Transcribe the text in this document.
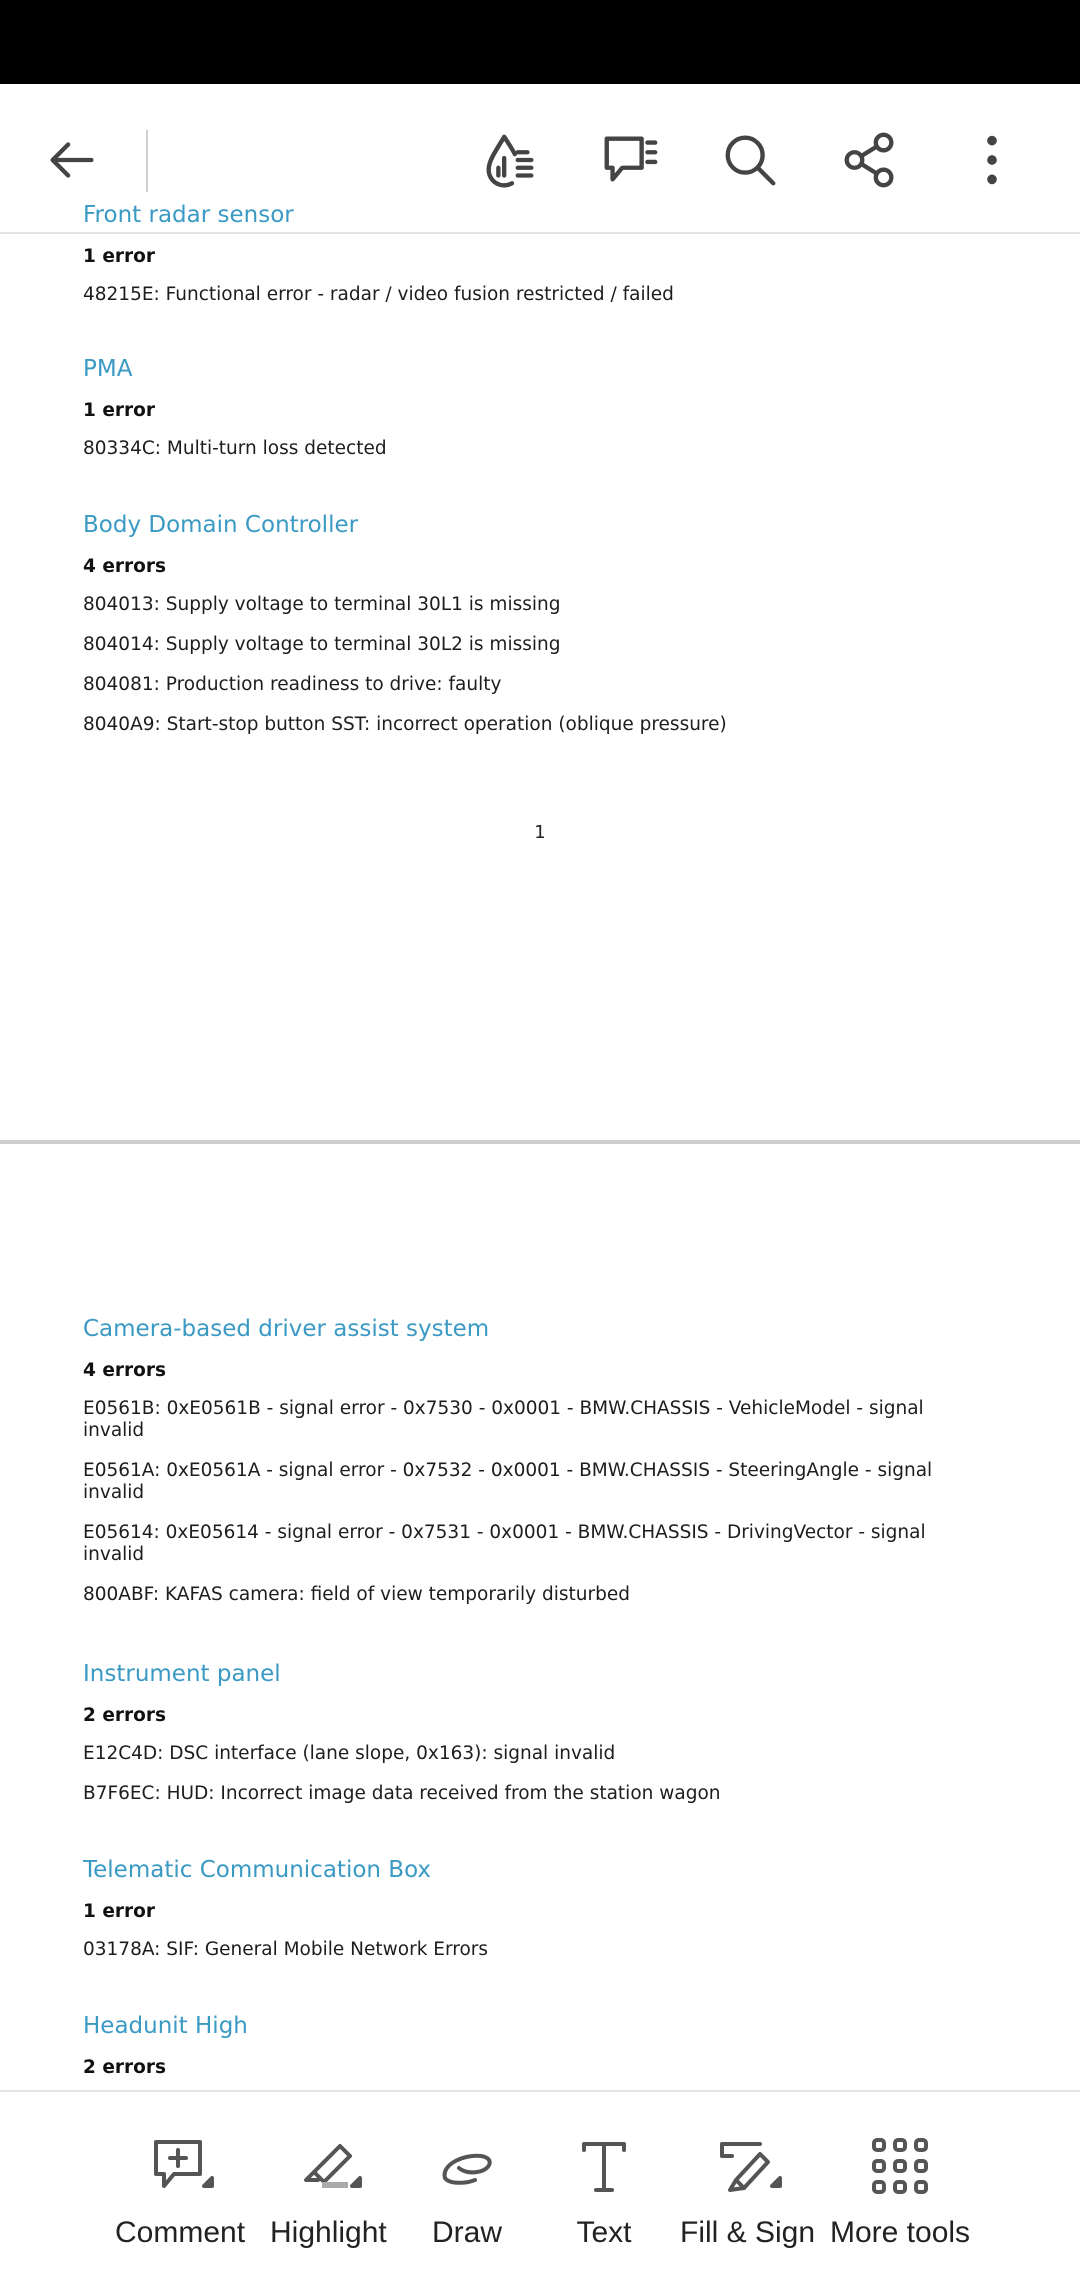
Front radar sensor
1 error
48215E: Functional error - radar / video fusion restricted / failed
PMA
1 error
80334C: Multi-turn loss detected
Body Domain Controller
4 errors
804013: Supply voltage to terminal 30L1 is missing
804014: Supply voltage to terminal 30L2 is missing
804081: Production readiness to drive: faulty
8040A9: Start-stop button SST: incorrect operation (oblique pressure)
1
Camera-based driver assist system
4 errors
E0561B: 0xE0561B - signal error - 0x7530 - 0x0001 - BMW.CHASSIS - VehicleModel - signal invalid
E0561A: 0xE0561A - signal error - 0x7532 - 0x0001 - BMW.CHASSIS - SteeringAngle - signal invalid
E05614: 0xE05614 - signal error - 0x7531 - 0x0001 - BMW.CHASSIS - DrivingVector - signal invalid
800ABF: KAFAS camera: field of view temporarily disturbed
Instrument panel
2 errors
E12C4D: DSC interface (lane slope, 0x163): signal invalid
B7F6EC: HUD: Incorrect image data received from the station wagon
Telematic Communication Box
1 error
03178A: SIF: General Mobile Network Errors
Headunit High
2 errors
Comment Highlight Draw Text Fill & Sign More tools
